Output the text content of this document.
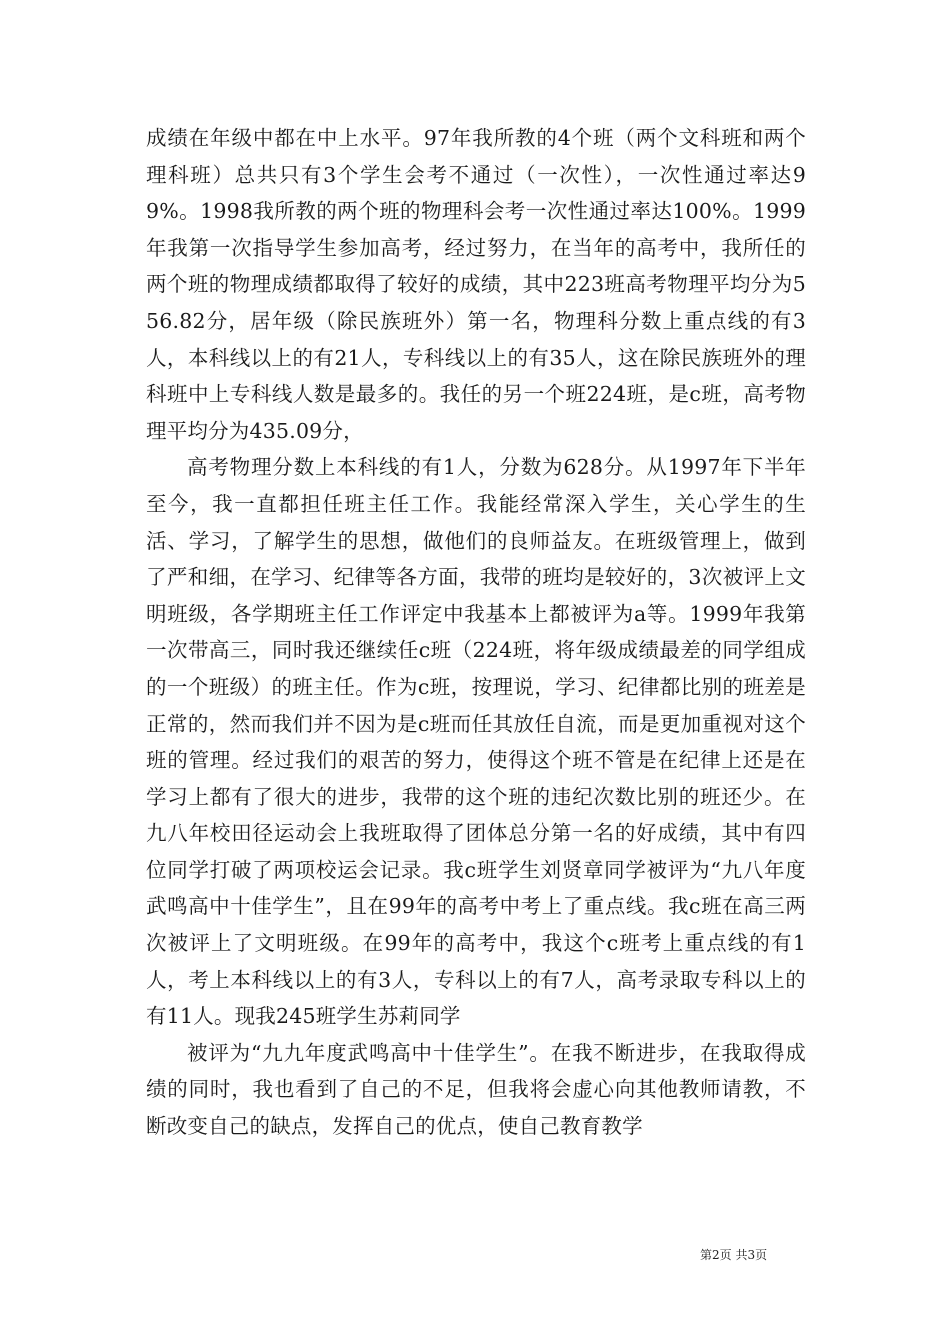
成绩在年级中都在中上水平。97年我所教的4个班（两个文科班和两个理科班）总共只有3个学生会考不通过（一次性），一次性通过率达99%。1998我所教的两个班的物理科会考一次性通过率达100%。1999年我第一次指导学生参加高考，经过努力，在当年的高考中，我所任的两个班的物理成绩都取得了较好的成绩，其中223班高考物理平均分为556.82分，居年级（除民族班外）第一名，物理科分数上重点线的有3人，本科线以上的有21人，专科线以上的有35人，这在除民族班外的理科班中上专科线人数是最多的。我任的另一个班224班，是c班，高考物理平均分为435.09分，

高考物理分数上本科线的有1人，分数为628分。从1997年下半年至今，我一直都担任班主任工作。我能经常深入学生，关心学生的生活、学习，了解学生的思想，做他们的良师益友。在班级管理上，做到了严和细，在学习、纪律等各方面，我带的班均是较好的，3次被评上文明班级，各学期班主任工作评定中我基本上都被评为a等。1999年我第一次带高三，同时我还继续任c班（224班，将年级成绩最差的同学组成的一个班级）的班主任。作为c班，按理说，学习、纪律都比别的班差是正常的，然而我们并不因为是c班而任其放任自流，而是更加重视对这个班的管理。经过我们的艰苦的努力，使得这个班不管是在纪律上还是在学习上都有了很大的进步，我带的这个班的违纪次数比别的班还少。在九八年校田径运动会上我班取得了团体总分第一名的好成绩，其中有四位同学打破了两项校运会记录。我c班学生刘贤章同学被评为“九八年度武鸣高中十佳学生”，且在99年的高考中考上了重点线。我c班在高三两次被评上了文明班级。在99年的高考中，我这个c班考上重点线的有1人，考上本科线以上的有3人，专科以上的有7人，高考录取专科以上的有11人。现我245班学生苏莉同学

被评为“九九年度武鸣高中十佳学生”。在我不断进步，在我取得成绩的同时，我也看到了自己的不足，但我将会虚心向其他教师请教，不断改变自己的缺点，发挥自己的优点，使自己教育教学

第2页 共3页
